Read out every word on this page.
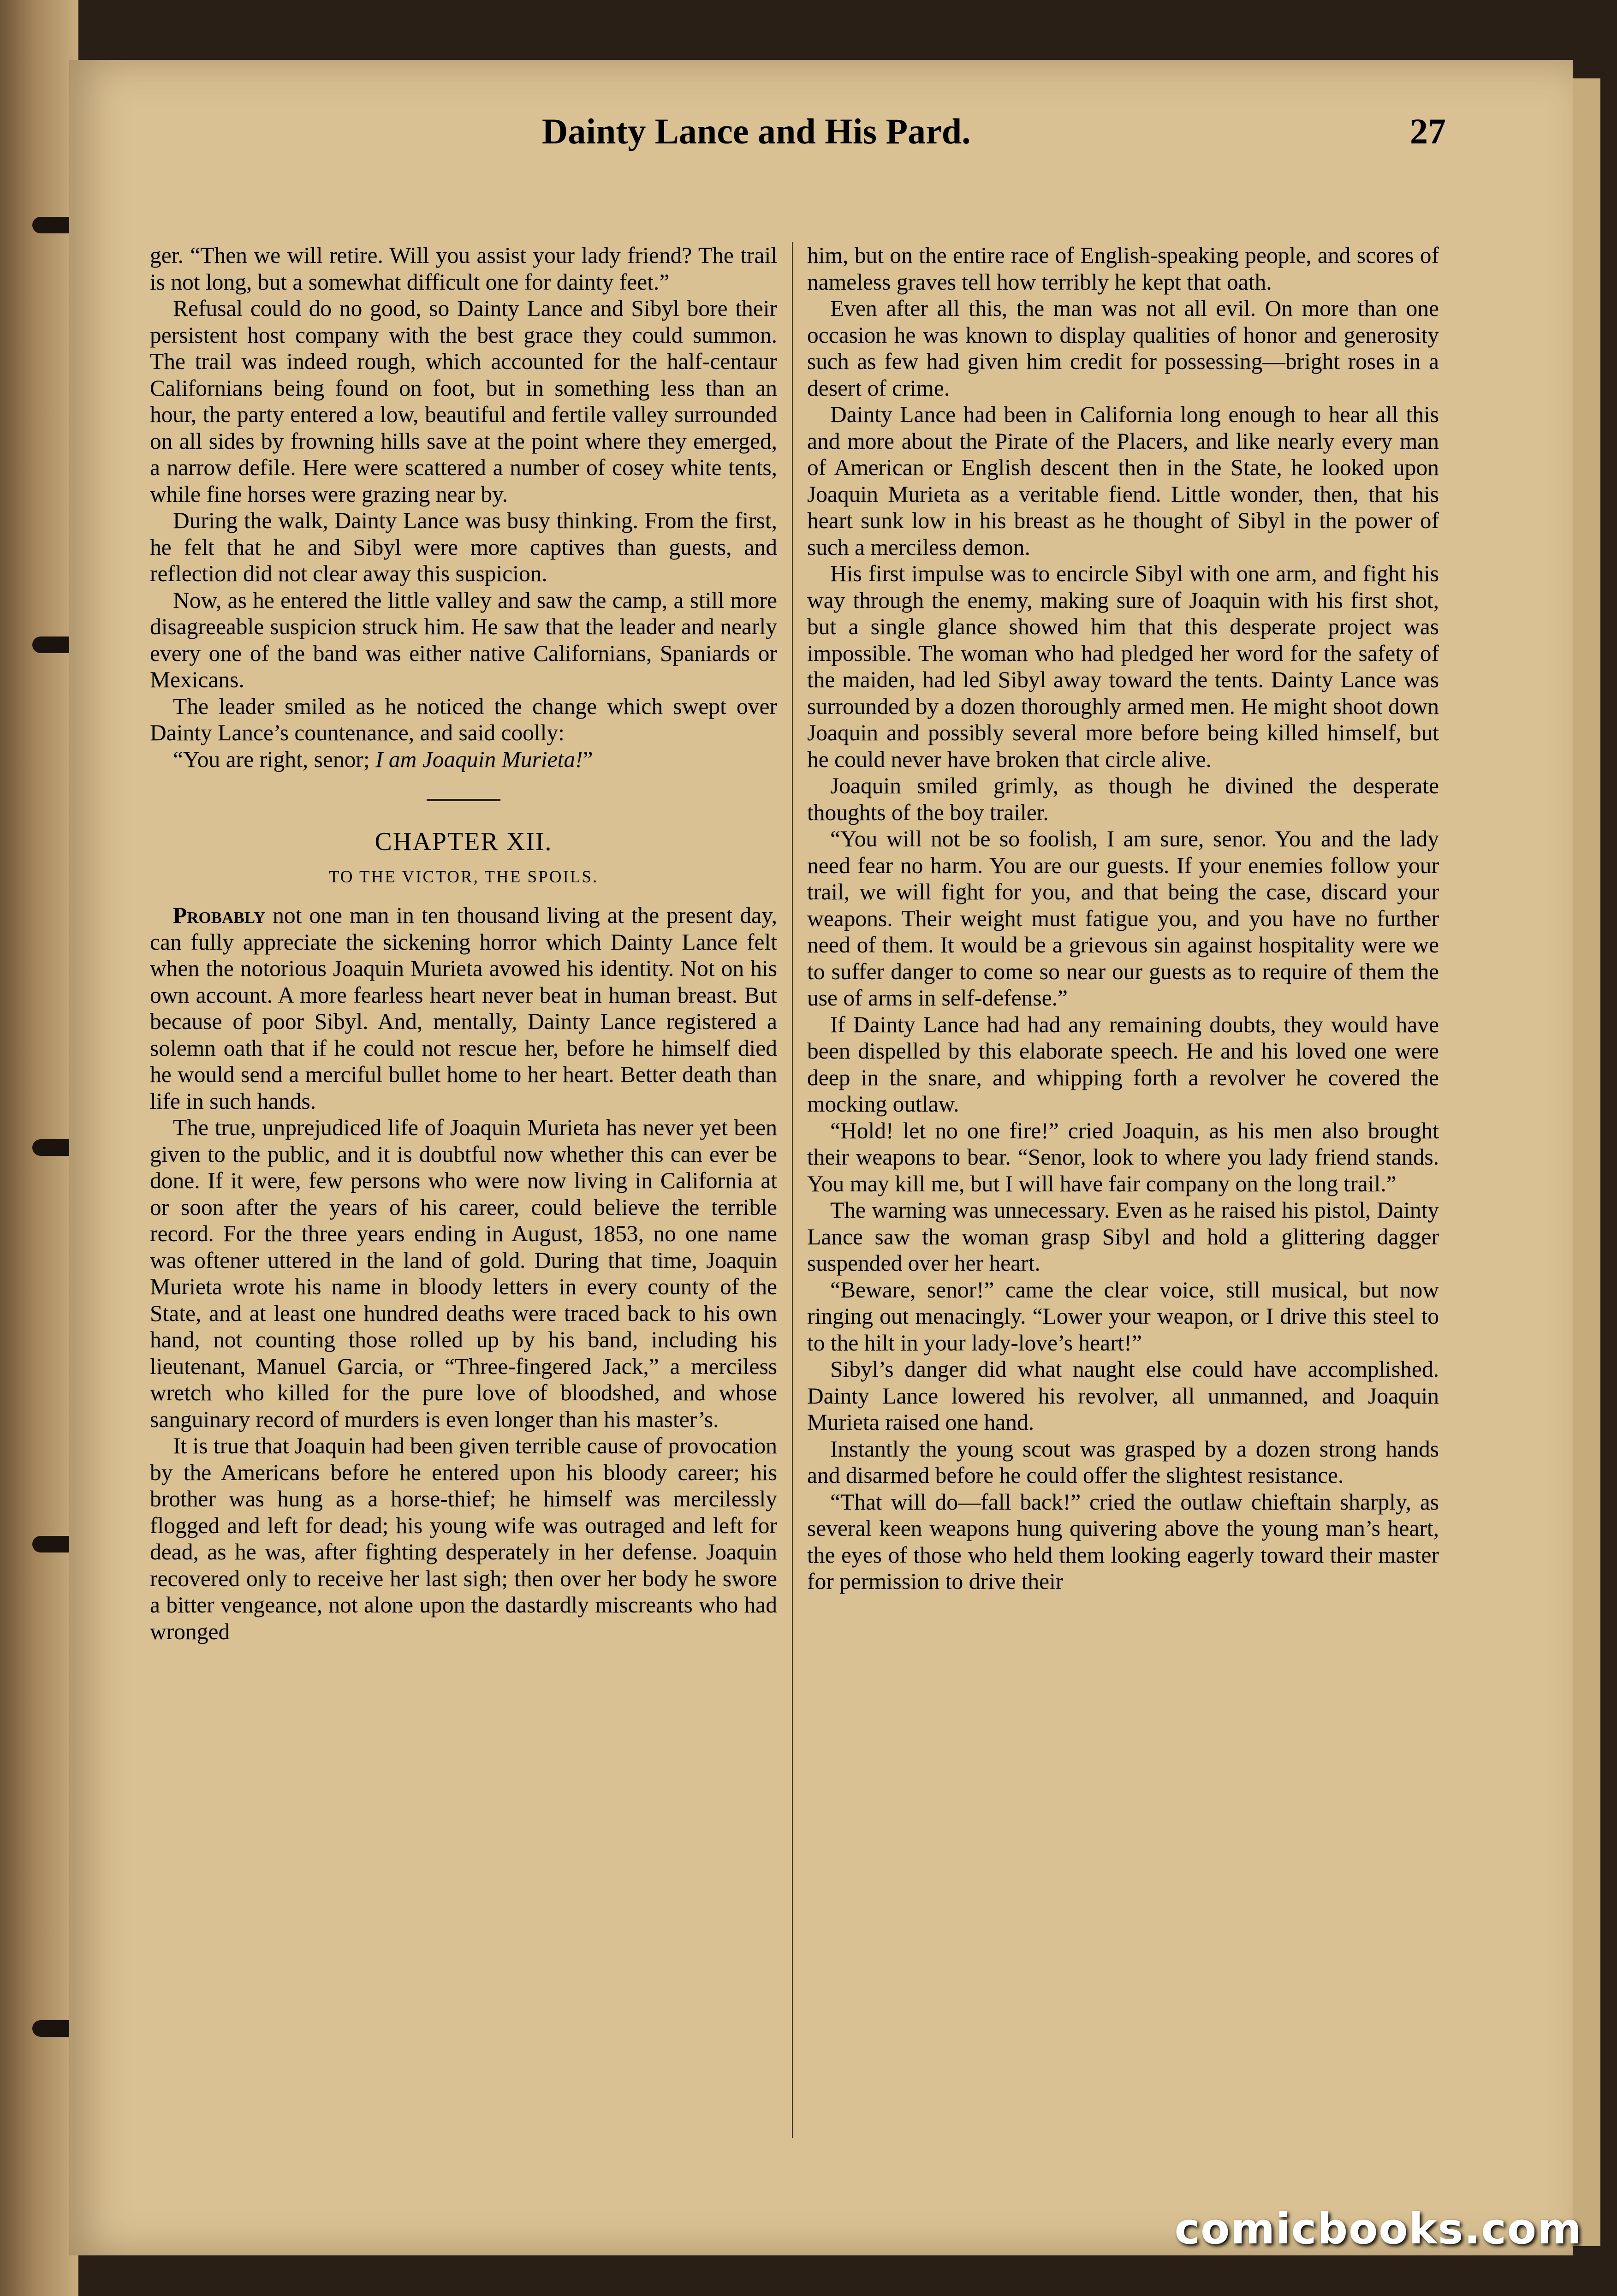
Dainty Lance and His Pard.	27

ger. “Then we will retire. Will you assist your lady friend? The trail is not long, but a somewhat difficult one for dainty feet.”

Refusal could do no good, so Dainty Lance and Sibyl bore their persistent host company with the best grace they could summon. The trail was indeed rough, which accounted for the half-centaur Californians being found on foot, but in something less than an hour, the party entered a low, beautiful and fertile valley surrounded on all sides by frowning hills save at the point where they emerged, a narrow defile. Here were scattered a number of cosey white tents, while fine horses were grazing near by.

During the walk, Dainty Lance was busy thinking. From the first, he felt that he and Sibyl were more captives than guests, and reflection did not clear away this suspicion.

Now, as he entered the little valley and saw the camp, a still more disagreeable suspicion struck him. He saw that the leader and nearly every one of the band was either native Californians, Spaniards or Mexicans.

The leader smiled as he noticed the change which swept over Dainty Lance’s countenance, and said coolly:

“You are right, senor; I am Joaquin Murieta!”

CHAPTER XII.
TO THE VICTOR, THE SPOILS.

Probably not one man in ten thousand living at the present day, can fully appreciate the sickening horror which Dainty Lance felt when the notorious Joaquin Murieta avowed his identity. Not on his own account. A more fearless heart never beat in human breast. But because of poor Sibyl. And, mentally, Dainty Lance registered a solemn oath that if he could not rescue her, before he himself died he would send a merciful bullet home to her heart. Better death than life in such hands.

The true, unprejudiced life of Joaquin Murieta has never yet been given to the public, and it is doubtful now whether this can ever be done. If it were, few persons who were now living in California at or soon after the years of his career, could believe the terrible record. For the three years ending in August, 1853, no one name was oftener uttered in the land of gold. During that time, Joaquin Murieta wrote his name in bloody letters in every county of the State, and at least one hundred deaths were traced back to his own hand, not counting those rolled up by his band, including his lieutenant, Manuel Garcia, or “Three-fingered Jack,” a merciless wretch who killed for the pure love of bloodshed, and whose sanguinary record of murders is even longer than his master’s.

It is true that Joaquin had been given terrible cause of provocation by the Americans before he entered upon his bloody career; his brother was hung as a horse-thief; he himself was mercilessly flogged and left for dead; his young wife was outraged and left for dead, as he was, after fighting desperately in her defense. Joaquin recovered only to receive her last sigh; then over her body he swore a bitter vengeance, not alone upon the dastardly miscreants who had wronged

him, but on the entire race of English-speaking people, and scores of nameless graves tell how terribly he kept that oath.

Even after all this, the man was not all evil. On more than one occasion he was known to display qualities of honor and generosity such as few had given him credit for possessing—bright roses in a desert of crime.

Dainty Lance had been in California long enough to hear all this and more about the Pirate of the Placers, and like nearly every man of American or English descent then in the State, he looked upon Joaquin Murieta as a veritable fiend. Little wonder, then, that his heart sunk low in his breast as he thought of Sibyl in the power of such a merciless demon.

His first impulse was to encircle Sibyl with one arm, and fight his way through the enemy, making sure of Joaquin with his first shot, but a single glance showed him that this desperate project was impossible. The woman who had pledged her word for the safety of the maiden, had led Sibyl away toward the tents. Dainty Lance was surrounded by a dozen thoroughly armed men. He might shoot down Joaquin and possibly several more before being killed himself, but he could never have broken that circle alive.

Joaquin smiled grimly, as though he divined the desperate thoughts of the boy trailer.

“You will not be so foolish, I am sure, senor. You and the lady need fear no harm. You are our guests. If your enemies follow your trail, we will fight for you, and that being the case, discard your weapons. Their weight must fatigue you, and you have no further need of them. It would be a grievous sin against hospitality were we to suffer danger to come so near our guests as to require of them the use of arms in self-defense.”

If Dainty Lance had had any remaining doubts, they would have been dispelled by this elaborate speech. He and his loved one were deep in the snare, and whipping forth a revolver he covered the mocking outlaw.

“Hold! let no one fire!” cried Joaquin, as his men also brought their weapons to bear. “Senor, look to where you lady friend stands. You may kill me, but I will have fair company on the long trail.”

The warning was unnecessary. Even as he raised his pistol, Dainty Lance saw the woman grasp Sibyl and hold a glittering dagger suspended over her heart.

“Beware, senor!” came the clear voice, still musical, but now ringing out menacingly. “Lower your weapon, or I drive this steel to to the hilt in your lady-love’s heart!”

Sibyl’s danger did what naught else could have accomplished. Dainty Lance lowered his revolver, all unmanned, and Joaquin Murieta raised one hand.

Instantly the young scout was grasped by a dozen strong hands and disarmed before he could offer the slightest resistance.

“That will do—fall back!” cried the outlaw chieftain sharply, as several keen weapons hung quivering above the young man’s heart, the eyes of those who held them looking eagerly toward their master for permission to drive their

comicbooks.com
